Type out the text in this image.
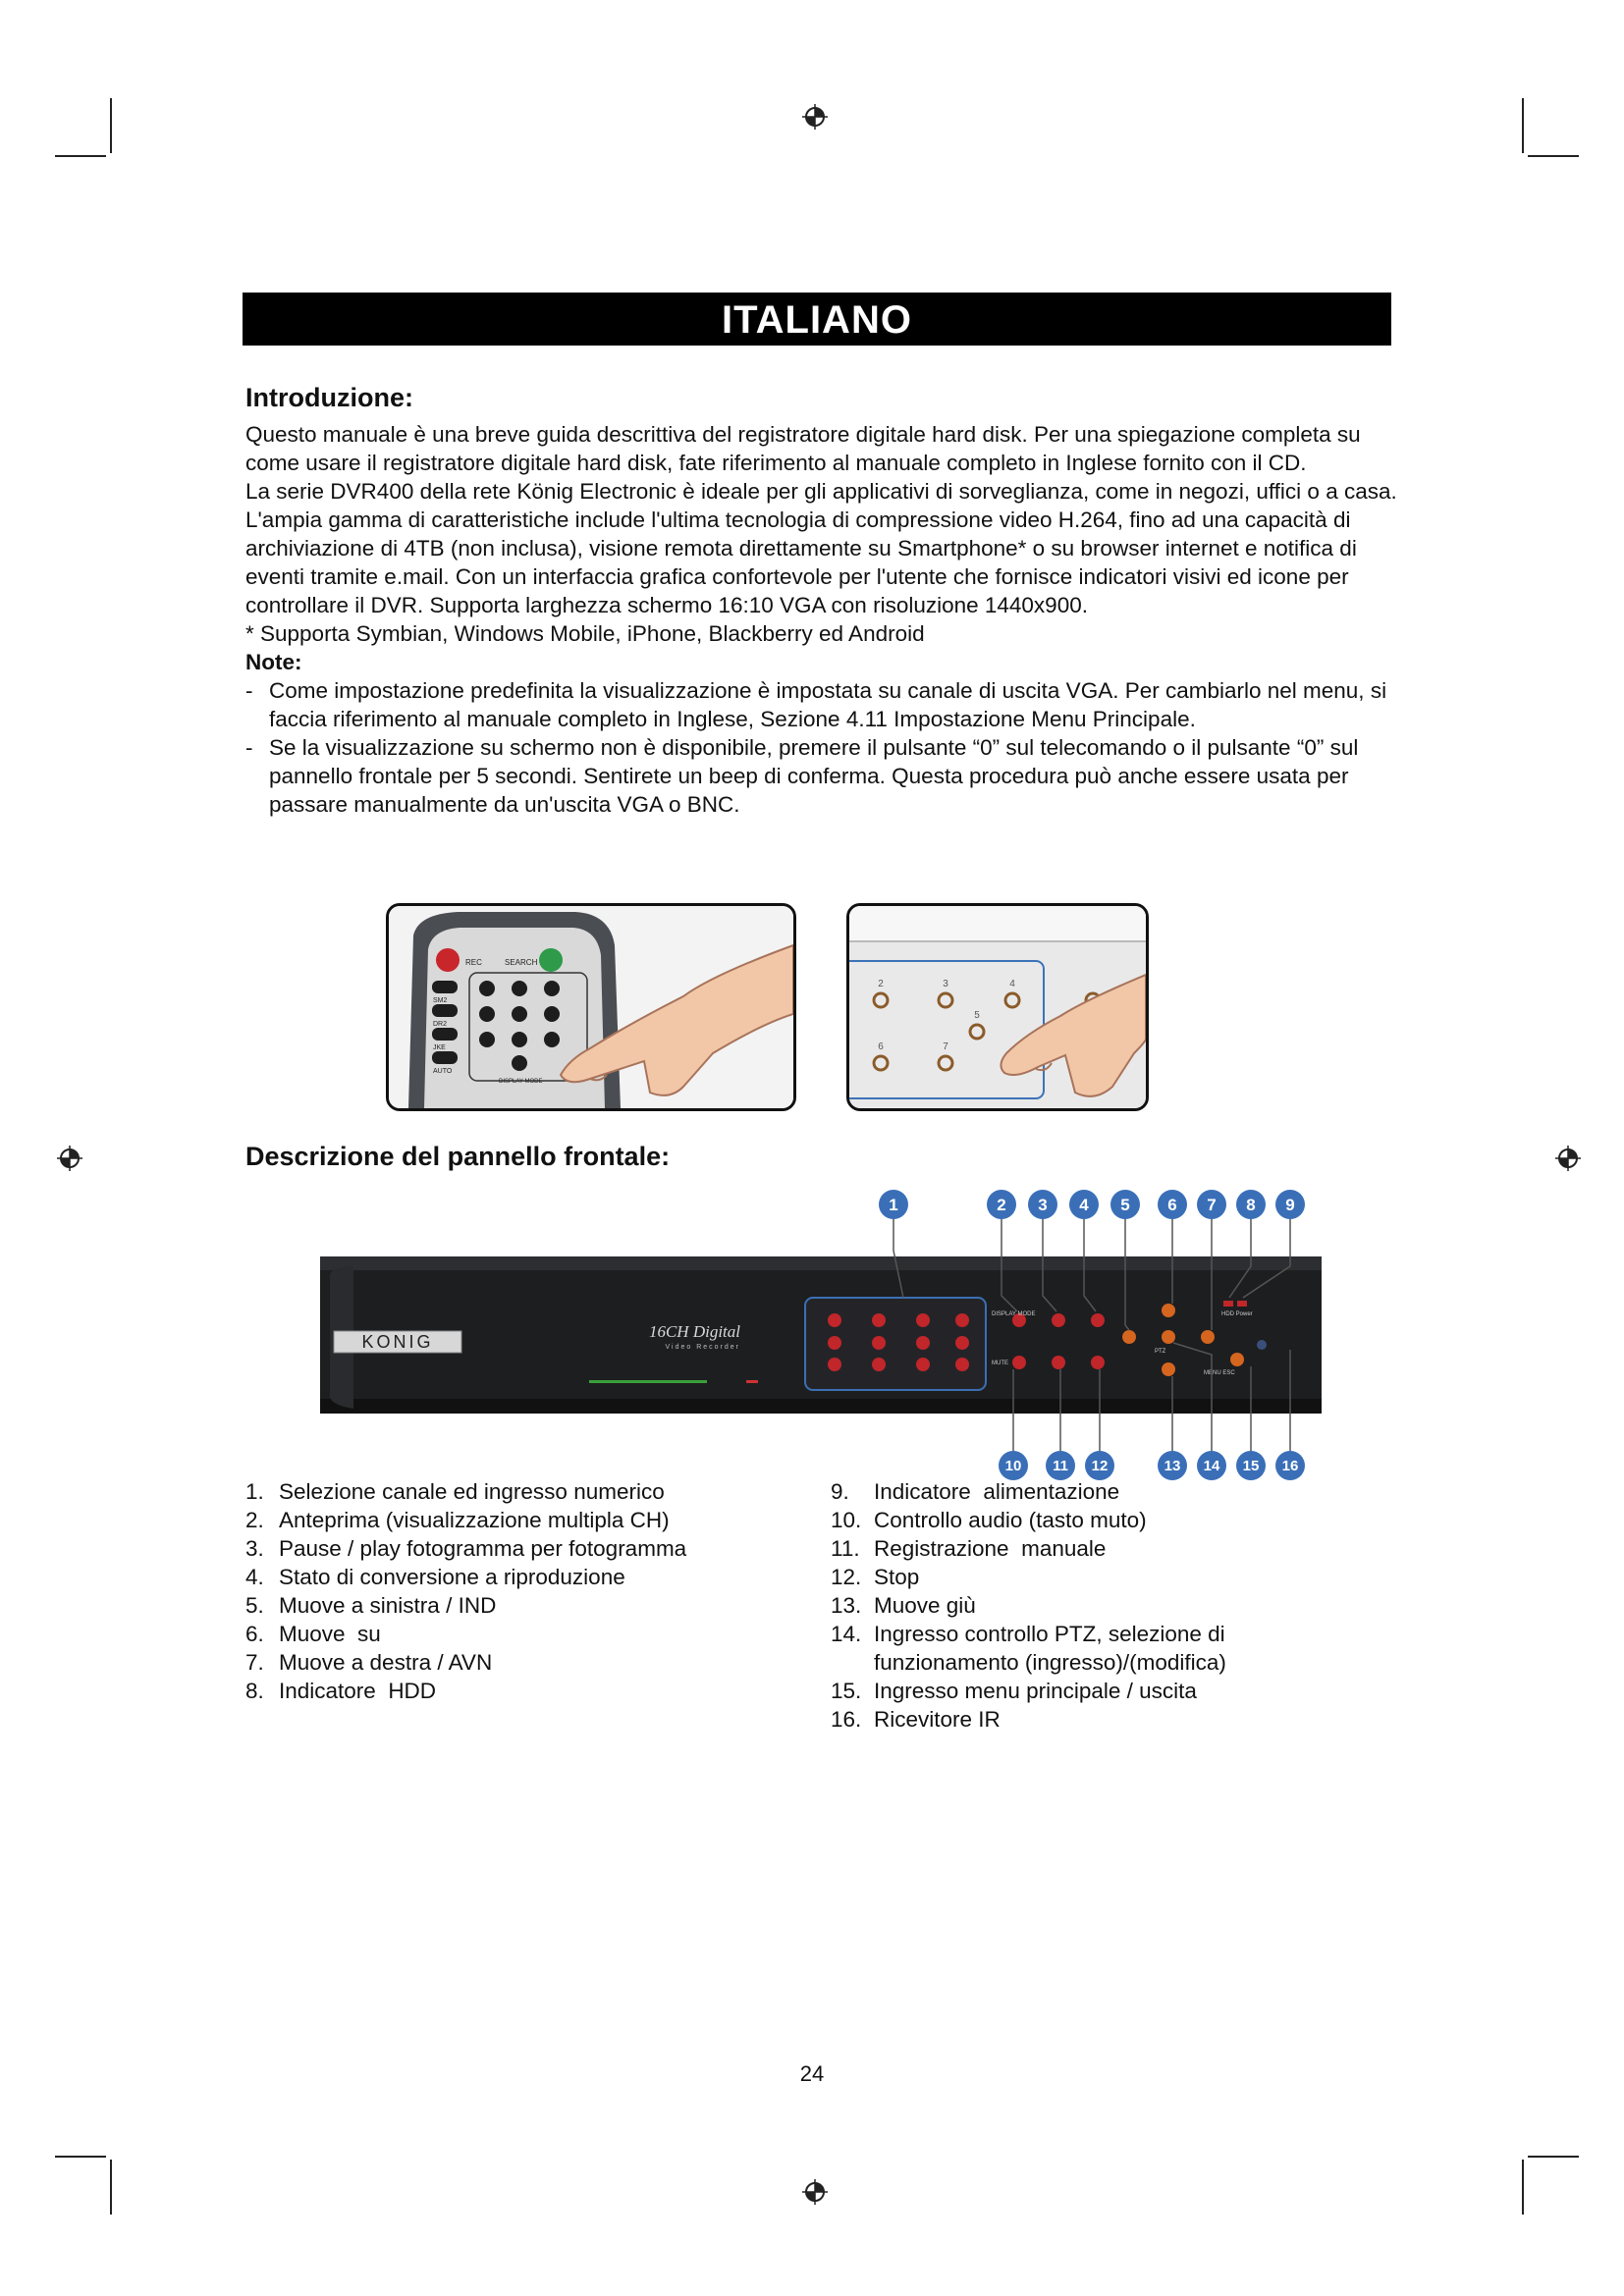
ITALIANO
Introduzione:

Questo manuale è una breve guida descrittiva del registratore digitale hard disk. Per una spiegazione completa su come usare il registratore digitale hard disk, fate riferimento al manuale completo in Inglese fornito con il CD.

La serie DVR400 della rete König Electronic è ideale per gli applicativi di sorveglianza, come in negozi, uffici o a casa. L'ampia gamma di caratteristiche include l'ultima tecnologia di compressione video H.264, fino ad una capacità di archiviazione di 4TB (non inclusa), visione remota direttamente su Smartphone* o su browser internet e notifica di eventi tramite e.mail. Con un interfaccia grafica confortevole per l'utente che fornisce indicatori visivi ed icone per controllare il DVR. Supporta larghezza schermo 16:10 VGA con risoluzione 1440x900.

* Supporta Symbian, Windows Mobile, iPhone, Blackberry ed Android

Note:

- Come impostazione predefinita la visualizzazione è impostata su canale di uscita VGA. Per cambiarlo nel menu, si faccia riferimento al manuale completo in Inglese, Sezione 4.11 Impostazione Menu Principale.

- Se la visualizzazione su schermo non è disponibile, premere il pulsante “0” sul telecomando o il pulsante “0” sul pannello frontale per 5 secondi. Sentirete un beep di conferma. Questa procedura può anche essere usata per passare manualmente da un'uscita VGA o BNC.

REC	SEARCH
SM2
DR2
JKE
AUTO
DISPLAY MODE
2	3	4
5
6	7
Descrizione del pannello frontale:
KONIG
16CH Digital
Video Recorder
DISPLAY MODE
MUTE
PTZ
MENU ESC
HDD Power
1	2 3 4 5 6 7 8 9
10 11 12	13 14 15 16
1. Selezione canale ed ingresso numerico
2. Anteprima (visualizzazione multipla CH)
3. Pause / play fotogramma per fotogramma
4. Stato di conversione a riproduzione
5. Muove a sinistra / IND
6. Muove  su
7. Muove a destra / AVN
8. Indicatore  HDD
9.	Indicatore  alimentazione
10. Controllo audio (tasto muto)
11. Registrazione  manuale
12. Stop
13. Muove giù
14. Ingresso controllo PTZ, selezione di funzionamento (ingresso)/(modifica)
15. Ingresso menu principale / uscita
16. Ricevitore IR
24
